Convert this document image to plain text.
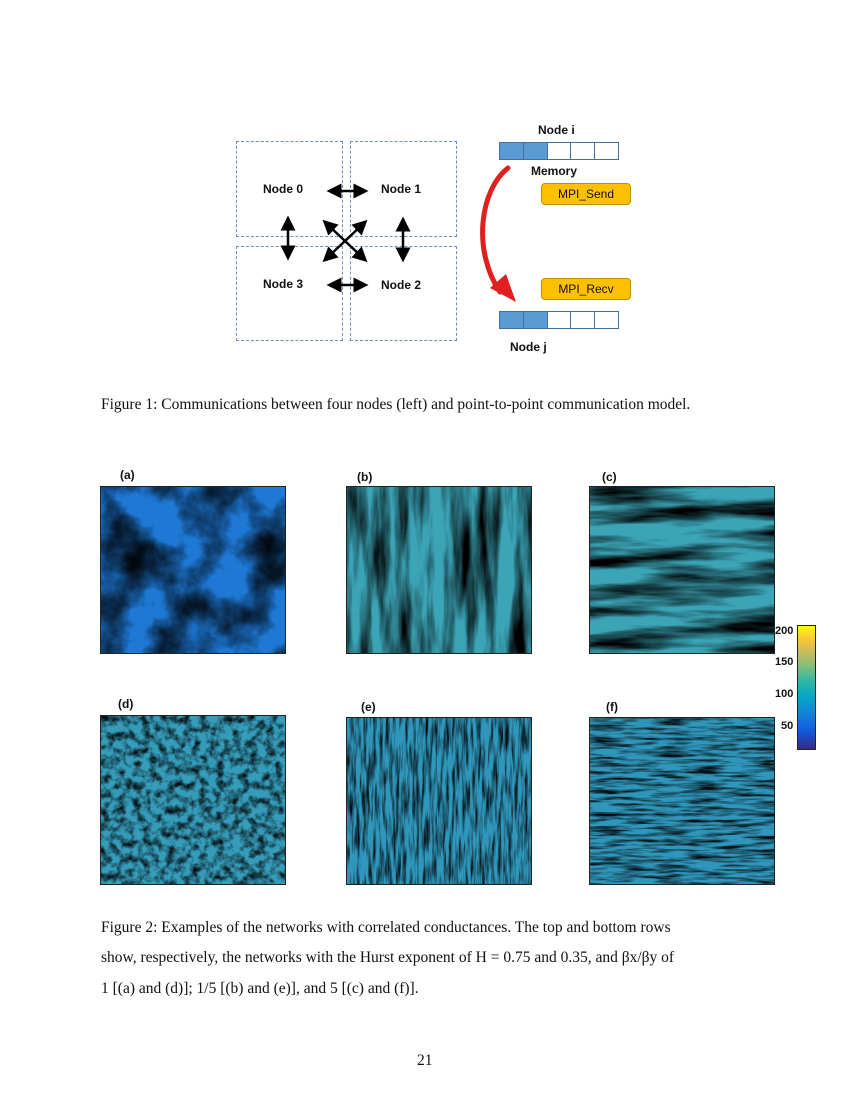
Node 0	Node 1
Node 3	Node 2
Node i
Memory
MPI_Send
MPI_Recv
Node j
Figure 1: Communications between four nodes (left) and point-to-point communication model.
(a)	(b)	(c)
(d)	(e)	(f)
200
150
100
50
Figure 2: Examples of the networks with correlated conductances. The top and bottom rows
show, respectively, the networks with the Hurst exponent of H = 0.75 and 0.35, and βx/βy of
1 [(a) and (d)]; 1/5 [(b) and (e)], and 5 [(c) and (f)].
21
